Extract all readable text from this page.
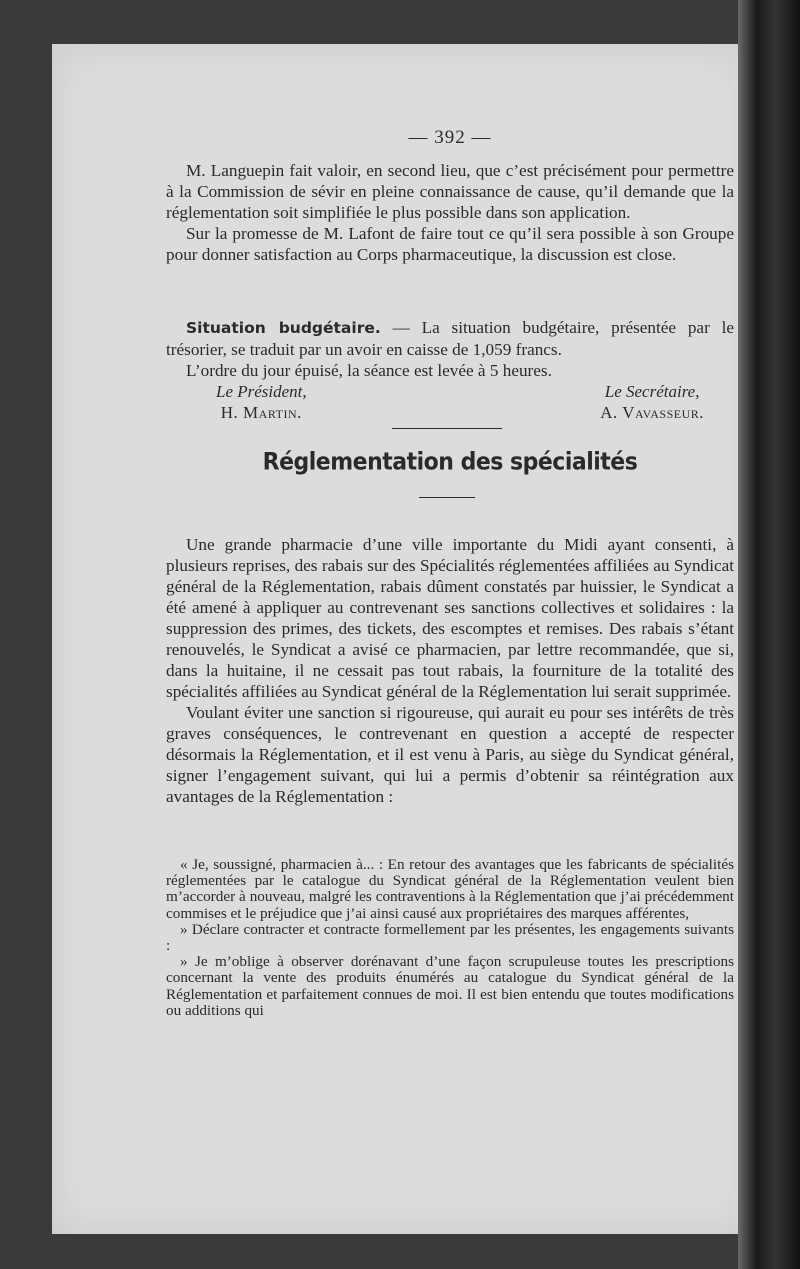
— 392 —

M. Languepin fait valoir, en second lieu, que c’est précisément pour permettre à la Commission de sévir en pleine connaissance de cause, qu’il demande que la réglementation soit simplifiée le plus possible dans son application.

Sur la promesse de M. Lafont de faire tout ce qu’il sera possible à son Groupe pour donner satisfaction au Corps pharmaceutique, la discussion est close.

Situation budgétaire. — La situation budgétaire, présentée par le trésorier, se traduit par un avoir en caisse de 1,059 francs.

L’ordre du jour épuisé, la séance est levée à 5 heures.

Le Président,
H. Martin.
Le Secrétaire,
A. Vavasseur.
Réglementation des spécialités

Une grande pharmacie d’une ville importante du Midi ayant consenti, à plusieurs reprises, des rabais sur des Spécialités réglementées affiliées au Syndicat général de la Réglementation, rabais dûment constatés par huissier, le Syndicat a été amené à appliquer au contrevenant ses sanctions collectives et solidaires : la suppression des primes, des tickets, des escomptes et remises. Des rabais s’étant renouvelés, le Syndicat a avisé ce pharmacien, par lettre recommandée, que si, dans la huitaine, il ne cessait pas tout rabais, la fourniture de la totalité des spécialités affiliées au Syndicat général de la Réglementation lui serait supprimée.

Voulant éviter une sanction si rigoureuse, qui aurait eu pour ses intérêts de très graves conséquences, le contrevenant en question a accepté de respecter désormais la Réglementation, et il est venu à Paris, au siège du Syndicat général, signer l’engagement suivant, qui lui a permis d’obtenir sa réintégration aux avantages de la Réglementation :

« Je, soussigné, pharmacien à... : En retour des avantages que les fabricants de spécialités réglementées par le catalogue du Syndicat général de la Réglementation veulent bien m’accorder à nouveau, malgré les contraventions à la Réglementation que j’ai précédemment commises et le préjudice que j’ai ainsi causé aux propriétaires des marques afférentes,

» Déclare contracter et contracte formellement par les présentes, les engagements suivants :

» Je m’oblige à observer dorénavant d’une façon scrupuleuse toutes les prescriptions concernant la vente des produits énumérés au catalogue du Syndicat général de la Réglementation et parfaitement connues de moi. Il est bien entendu que toutes modifications ou additions qui
